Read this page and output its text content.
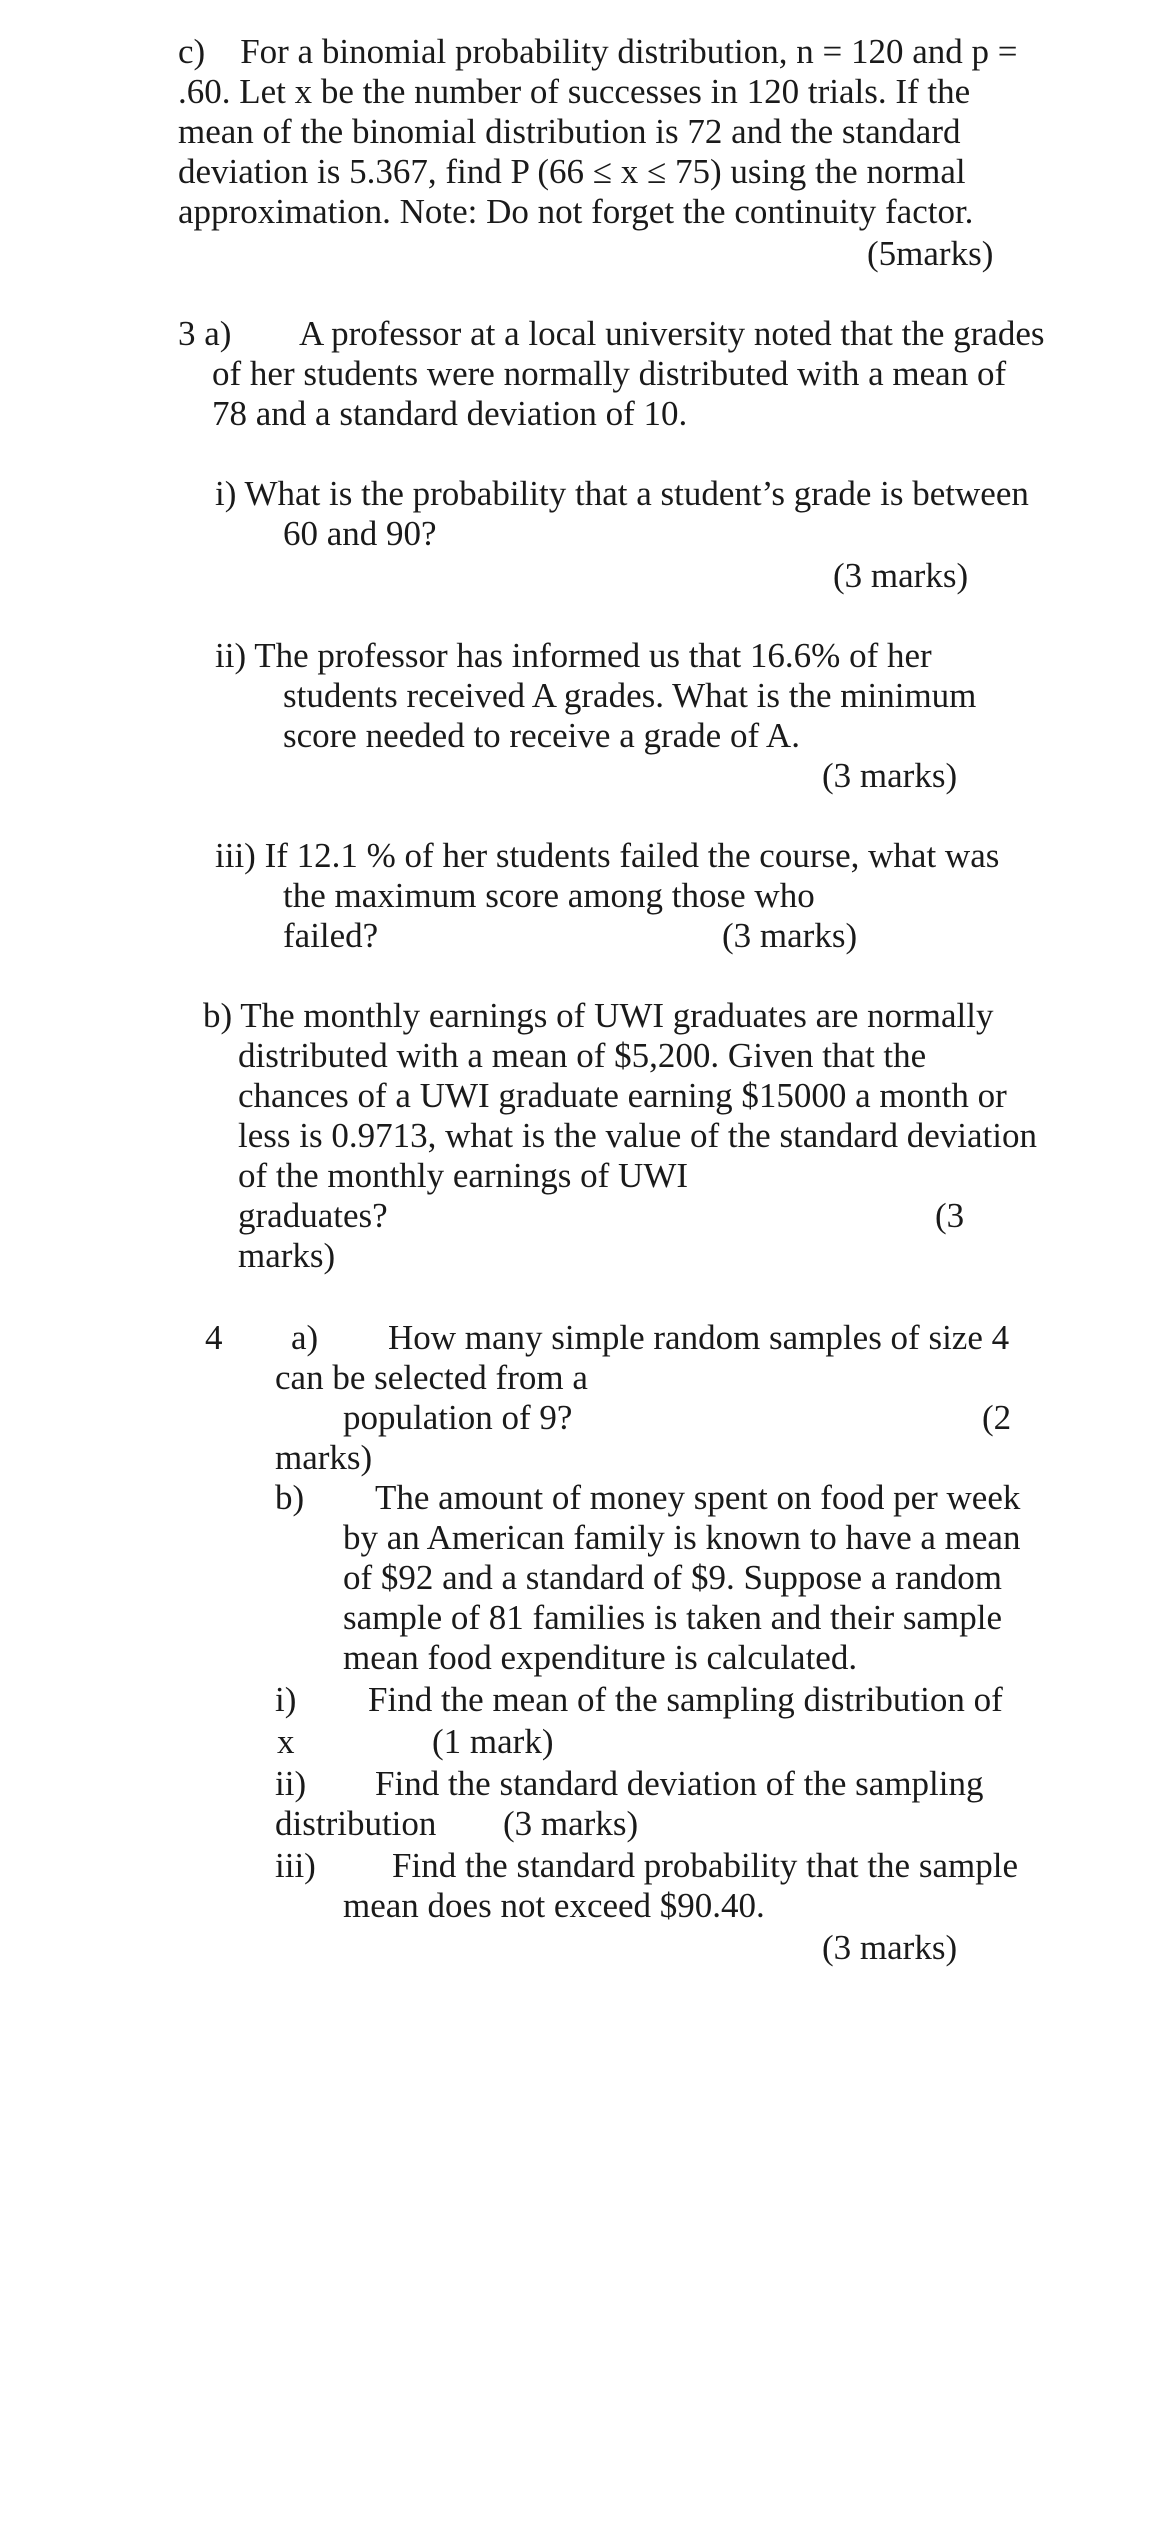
c)    For a binomial probability distribution, n = 120 and p =
.60. Let x be the number of successes in 120 trials. If the
mean of the binomial distribution is 72 and the standard
deviation is 5.367, find P (66 ≤ x ≤ 75) using the normal
approximation. Note: Do not forget the continuity factor.
(5marks)
3 a) A professor at a local university noted that the grades
of her students were normally distributed with a mean of
78 and a standard deviation of 10.
i) What is the probability that a student’s grade is between
60 and 90?
(3 marks)
ii) The professor has informed us that 16.6% of her
students received A grades. What is the minimum
score needed to receive a grade of A.
(3 marks)
iii) If 12.1 % of her students failed the course, what was
the maximum score among those who
failed?	(3 marks)
b) The monthly earnings of UWI graduates are normally
distributed with a mean of $5,200. Given that the
chances of a UWI graduate earning $15000 a month or
less is 0.9713, what is the value of the standard deviation
of the monthly earnings of UWI
graduates?	(3
marks)
4 a) How many simple random samples of size 4
can be selected from a
population of 9?	(2
marks)
b) The amount of money spent on food per week
by an American family is known to have a mean
of $92 and a standard of $9. Suppose a random
sample of 81 families is taken and their sample
mean food expenditure is calculated.
i) Find the mean of the sampling distribution of
x	(1 mark)
ii) Find the standard deviation of the sampling
distribution (3 marks)
iii) Find the standard probability that the sample
mean does not exceed $90.40.
(3 marks)
